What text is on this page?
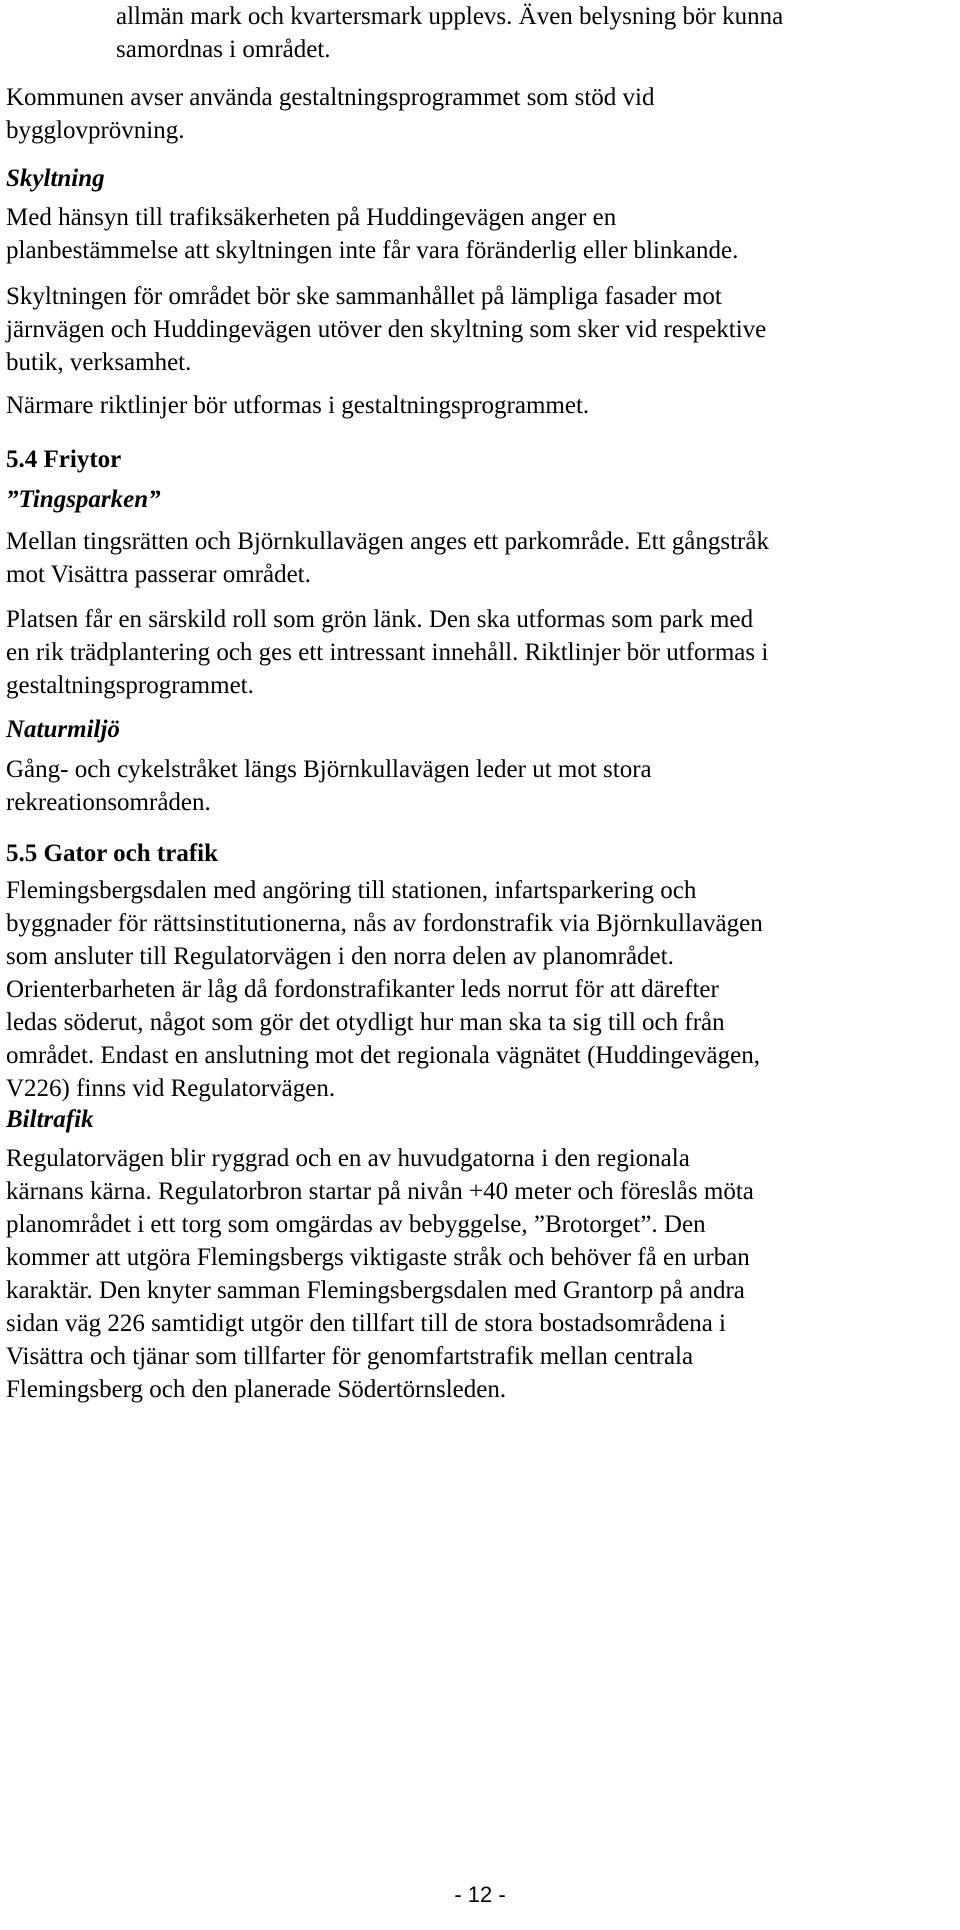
allmän mark och kvartersmark upplevs. Även belysning bör kunna
samordnas i området.
Kommunen avser använda gestaltningsprogrammet som stöd vid
bygglovprövning.
Skyltning
Med hänsyn till trafiksäkerheten på Huddingevägen anger en
planbestämmelse att skyltningen inte får vara föränderlig eller blinkande.
Skyltningen för området bör ske sammanhållet på lämpliga fasader mot
järnvägen och Huddingevägen utöver den skyltning som sker vid respektive
butik, verksamhet.
Närmare riktlinjer bör utformas i gestaltningsprogrammet.
5.4 Friytor
”Tingsparken”
Mellan tingsrätten och Björnkullavägen anges ett parkområde. Ett gångstråk
mot Visättra passerar området.
Platsen får en särskild roll som grön länk. Den ska utformas som park med
en rik trädplantering och ges ett intressant innehåll. Riktlinjer bör utformas i
gestaltningsprogrammet.
Naturmiljö
Gång- och cykelstråket längs Björnkullavägen leder ut mot stora
rekreationsområden.
5.5 Gator och trafik
Flemingsbergsdalen med angöring till stationen, infartsparkering och
byggnader för rättsinstitutionerna, nås av fordonstrafik via Björnkullavägen
som ansluter till Regulatorvägen i den norra delen av planområdet.
Orienterbarheten är låg då fordonstrafikanter leds norrut för att därefter
ledas söderut, något som gör det otydligt hur man ska ta sig till och från
området. Endast en anslutning mot det regionala vägnätet (Huddingevägen,
V226) finns vid Regulatorvägen.
Biltrafik
Regulatorvägen blir ryggrad och en av huvudgatorna i den regionala
kärnans kärna. Regulatorbron startar på nivån +40 meter och föreslås möta
planområdet i ett torg som omgärdas av bebyggelse, ”Brotorget”. Den
kommer att utgöra Flemingsbergs viktigaste stråk och behöver få en urban
karaktär. Den knyter samman Flemingsbergsdalen med Grantorp på andra
sidan väg 226 samtidigt utgör den tillfart till de stora bostadsområdena i
Visättra och tjänar som tillfarter för genomfartstrafik mellan centrala
Flemingsberg och den planerade Södertörnsleden.
- 12 -
